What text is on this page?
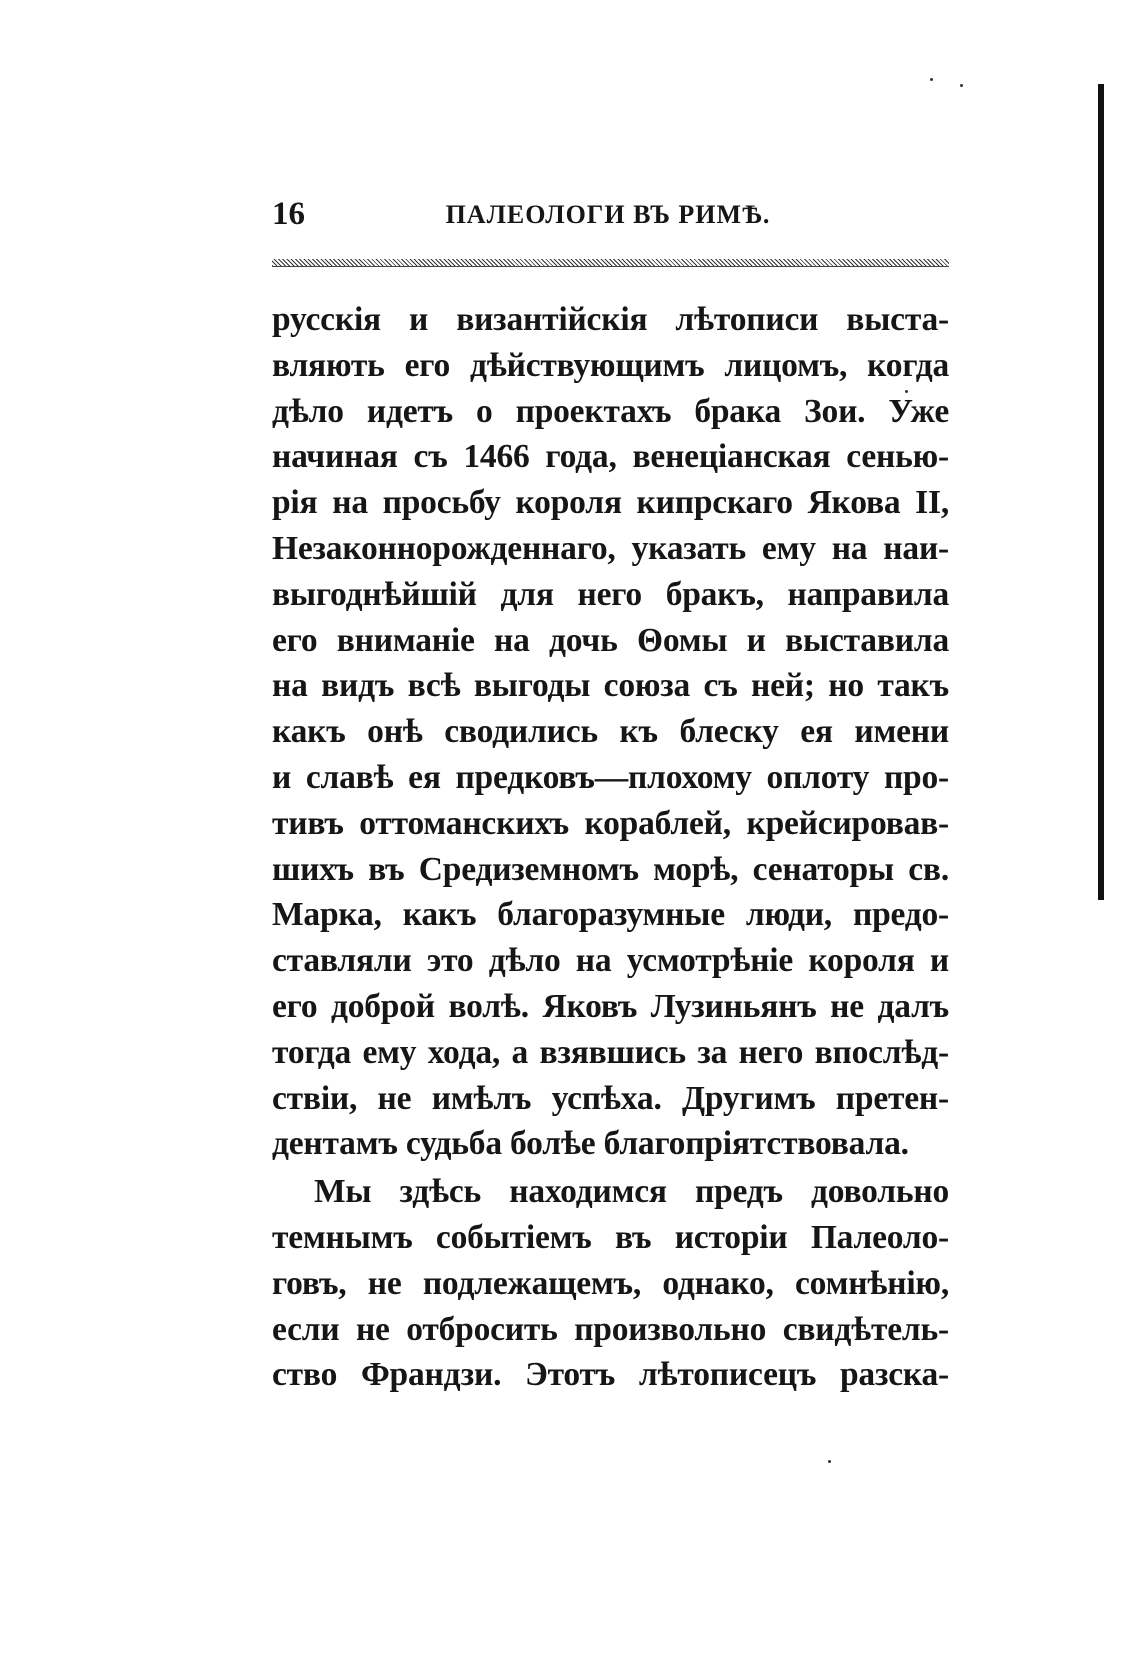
16	ПАЛЕОЛОГИ ВЪ РИМѢ.
русскія и византійскія лѣтописи выста-
вляють его дѣйствующимъ лицомъ, когда
дѣло идетъ о проектахъ брака Зои. Уже
начиная съ 1466 года, венеціанская сенью-
рія на просьбу короля кипрскаго Якова II,
Незаконнорожденнаго, указать ему на наи-
выгоднѣйшій для него бракъ, направила
его вниманіе на дочь Θомы и выставила
на видъ всѣ выгоды союза съ ней; но такъ
какъ онѣ сводились къ блеску ея имени
и славѣ ея предковъ—плохому оплоту про-
тивъ оттоманскихъ кораблей, крейсировав-
шихъ въ Средиземномъ морѣ, сенаторы св.
Марка, какъ благоразумные люди, предо-
ставляли это дѣло на усмотрѣніе короля и
его доброй волѣ. Яковъ Лузиньянъ не далъ
тогда ему хода, а взявшись за него впослѣд-
ствіи, не имѣлъ успѣха. Другимъ претен-
дентамъ судьба болѣе благопріятствовала.
Мы здѣсь находимся предъ довольно
темнымъ событіемъ въ исторіи Палеоло-
говъ, не подлежащемъ, однако, сомнѣнію,
если не отбросить произвольно свидѣтель-
ство Франдзи. Этотъ лѣтописецъ разска-
